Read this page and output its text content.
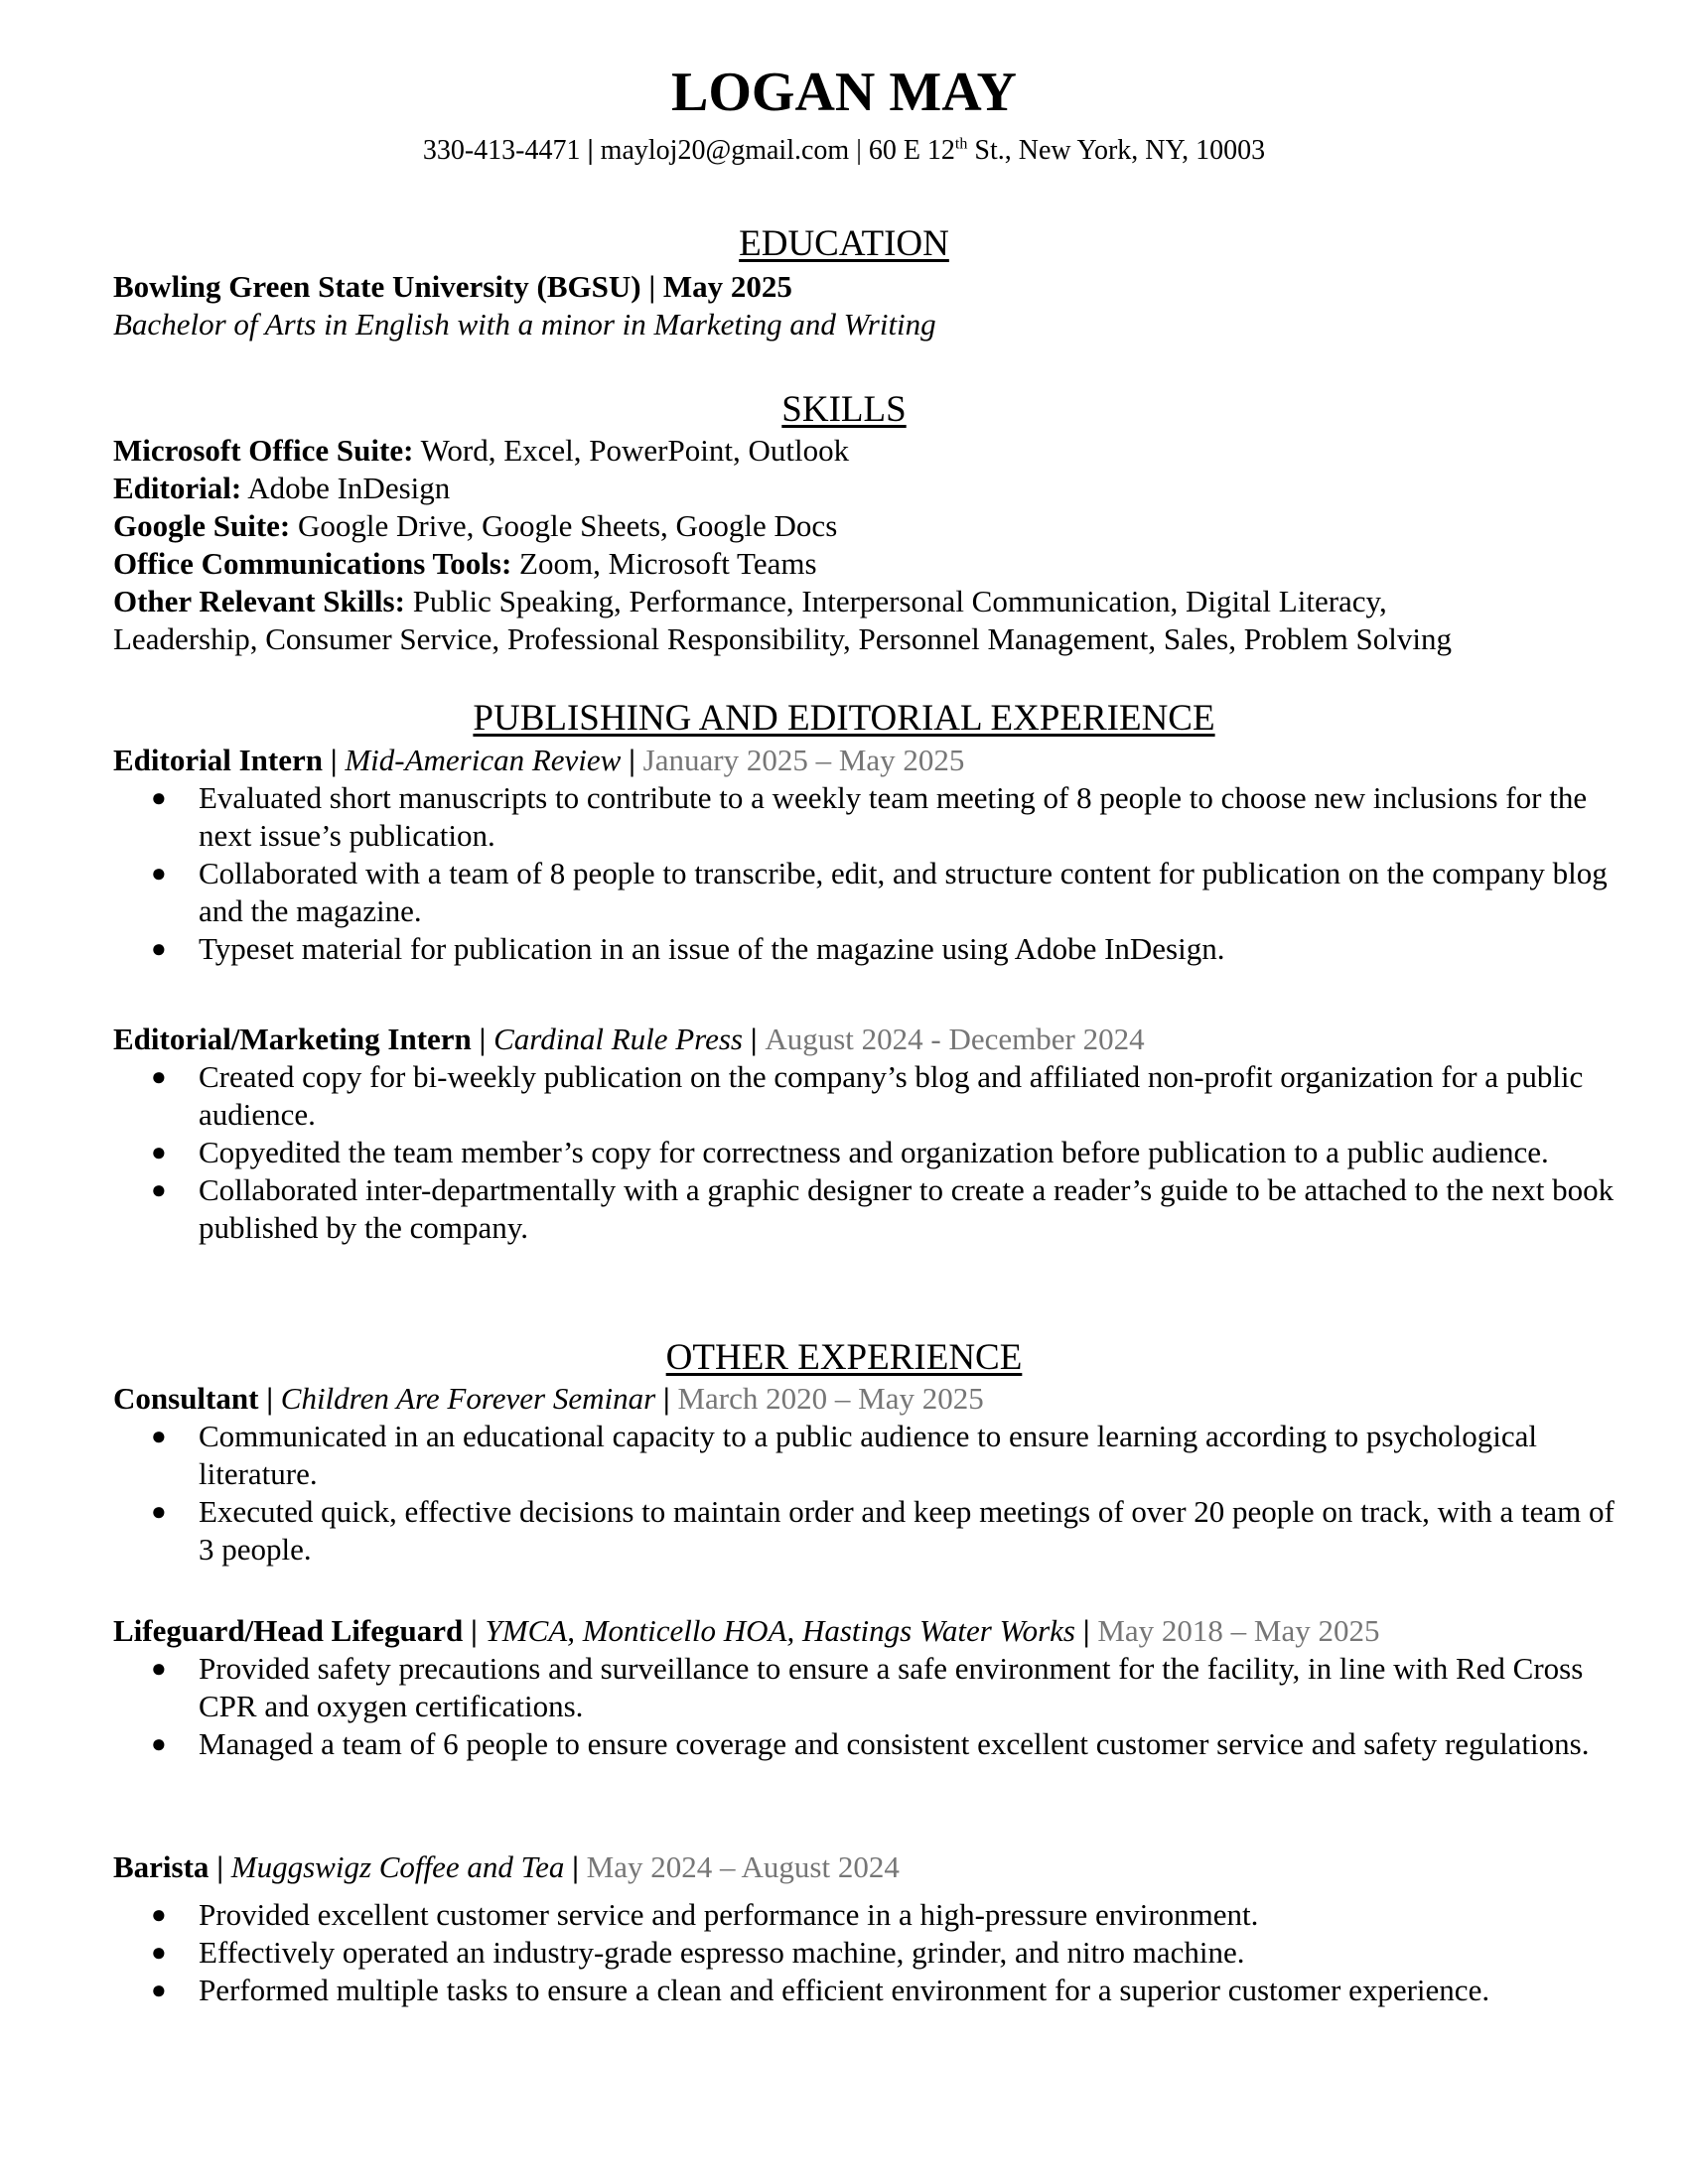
LOGAN MAY
330-413-4471 | mayloj20@gmail.com | 60 E 12th St., New York, NY, 10003
EDUCATION
Bowling Green State University (BGSU) | May 2025
Bachelor of Arts in English with a minor in Marketing and Writing
SKILLS
Microsoft Office Suite: Word, Excel, PowerPoint, Outlook
Editorial: Adobe InDesign
Google Suite: Google Drive, Google Sheets, Google Docs
Office Communications Tools: Zoom, Microsoft Teams
Other Relevant Skills: Public Speaking, Performance, Interpersonal Communication, Digital Literacy,
Leadership, Consumer Service, Professional Responsibility, Personnel Management, Sales, Problem Solving
PUBLISHING AND EDITORIAL EXPERIENCE
Editorial Intern | Mid-American Review | January 2025 – May 2025
● Evaluated short manuscripts to contribute to a weekly team meeting of 8 people to choose new inclusions for the next issue’s publication.
● Collaborated with a team of 8 people to transcribe, edit, and structure content for publication on the company blog and the magazine.
● Typeset material for publication in an issue of the magazine using Adobe InDesign.
Editorial/Marketing Intern | Cardinal Rule Press | August 2024 - December 2024
● Created copy for bi-weekly publication on the company’s blog and affiliated non-profit organization for a public audience.
● Copyedited the team member’s copy for correctness and organization before publication to a public audience.
● Collaborated inter-departmentally with a graphic designer to create a reader’s guide to be attached to the next book published by the company.
OTHER EXPERIENCE
Consultant | Children Are Forever Seminar | March 2020 – May 2025
● Communicated in an educational capacity to a public audience to ensure learning according to psychological literature.
● Executed quick, effective decisions to maintain order and keep meetings of over 20 people on track, with a team of 3 people.
Lifeguard/Head Lifeguard | YMCA, Monticello HOA, Hastings Water Works | May 2018 – May 2025
● Provided safety precautions and surveillance to ensure a safe environment for the facility, in line with Red Cross CPR and oxygen certifications.
● Managed a team of 6 people to ensure coverage and consistent excellent customer service and safety regulations.
Barista | Muggswigz Coffee and Tea | May 2024 – August 2024
● Provided excellent customer service and performance in a high-pressure environment.
● Effectively operated an industry-grade espresso machine, grinder, and nitro machine.
● Performed multiple tasks to ensure a clean and efficient environment for a superior customer experience.
